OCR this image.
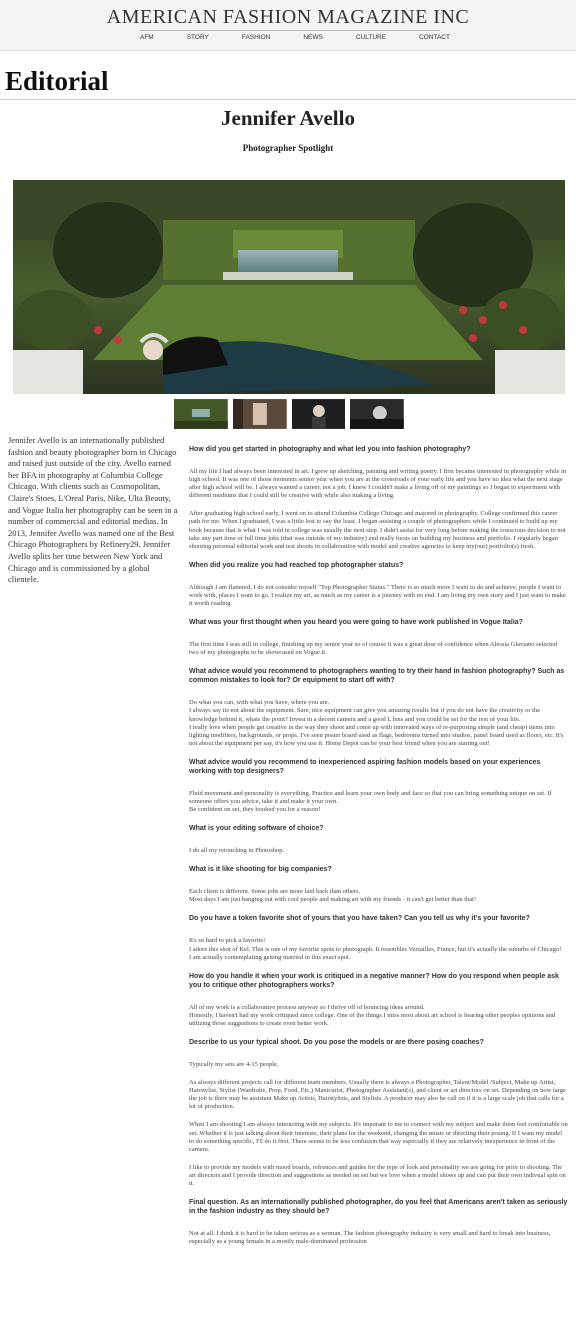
AMERICAN FASHION MAGAZINE INC
AFM	STORY	FASHION	NEWS	CULTURE	CONTACT
Editorial
Jennifer Avello
Photographer Spotlight

Jennifer Avello is an internationally published fashion and beauty photographer born in Chicago and raised just outside of the city. Avello earned her BFA in photography at Columbia College Chicago. With clients such as Cosmopolitan, Claire's Stoes, L'Oreal Paris, Nike, Ulta Beauty, and Vogue Italia her photography can be seen in a number of commercial and editorial medias. In 2013, Jennifer Avello was named one of the Best Chicago Photographers by Refinery29. Jennifer Avello splits her time between New York and Chicago and is commissioned by a global clientele.

How did you get started in photography and what led you into fashion photography?

All my life I had always been interested in art. I grew up sketching, painting and writing poetry. I first became interested in photography while in high school. It was one of those moments senior year when you are at the crossroads of your early life and you have no idea what the next stage after high school will be. I always wanted a career, not a job. I knew I couldn't make a living off of my paintings so I began to experiment with different mediums that I could still be creative with while also making a living.

After graduating high school early, I went on to attend Columbia College Chicago and majored in photography. College confirmed this career path for me. When I graduated, I was a little lost to say the least. I began assisting a couple of photographers while I continued to build up my book because that is what I was told in college was usually the next step. I didn't assist for very long before making the conscious decision to not take any part time or full time jobs (that was outside of my industry) and really focus on building my business and portfolio. I regularly began shooting personal editorial work and test shoots in collaboration with model and creative agencies to keep my(our) portfolio(s) fresh.

When did you realize you had reached top photographer status?

Although I am flattered, I do not consider myself "Top Photographer Status." There is so much more I want to do and achieve, people I want to work with, places I want to go. I realize my art, as much as my career is a journey with no end. I am living my own story and I just want to make it worth reading.

What was your first thought when you heard you were going to have work published in Vogue Italia?

The first time I was still in college, finishing up my senior year so of course it was a great dose of confidence when Alessia Glaviano selected two of my photographs to be showcased on Vogue.it.

What advice would you recommend to photographers wanting to try their hand in fashion photography? Such as common mistakes to look for? Or equipment to start off with?

Do what you can, with what you have, where you are.
I always say its not about the equipment. Sure, nice equipment can give you amazing results but if you do not have the creativity or the knowledge behind it, whats the point? Invest in a decent camera and a good L lens and you could be set for the rest of your life.
I really love when people get creative in the way they shoot and come up with innovated ways of re-purposing simple (and cheap) items into lighting modifiers, backgrounds, or props. I've seen poster board used as flags, bedrooms turned into studios, panel board used as floors, etc. It's not about the equipment per say, it's how you use it. Home Depot can be your best friend when you are starting out!

What advice would you recommend to inexperienced aspiring fashion models based on your experiences working with top designers?

Fluid movement and personality is everything. Practice and learn your own body and face so that you can bring something unique on set. If someone offers you advice, take it and make it your own.
Be confident on set, they booked you for a reason!

What is your editing software of choice?

I do all my retouching in Photoshop.

What is it like shooting for big companies?

Each client is different. Some jobs are more laid back than others.
Most days I am just hanging out with cool people and making art with my friends - it can't get better than that!

Do you have a token favorite shot of yours that you have taken? Can you tell us why it's your favorite?

It's so hard to pick a favorite!
I adore this shot of Kel. This is one of my favorite spots to photograph. It resembles Versailles, France, but it's actually the suburbs of Chicago!
I am actually contemplating getting married in this exact spot.

How do you handle it when your work is critiqued in a negative manner? How do you respond when people ask you to critique other photographers works?

All of my work is a collaborative process anyway so I thrive off of bouncing ideas around.
Honestly, I haven't had my work critiqued since college. One of the things I miss most about art school is hearing other peoples opinions and utilizing those suggestions to create even better work.

Describe to us your typical shoot. Do you pose the models or are there posing coaches?

Typically my sets are 4-15 people.

As always different projects call for different team members. Usually there is always a Photographer, Talent/Model /Subject, Make up Artist, Hairstylist, Stylist (Wardrobe, Prop, Food, Etc,) Manicurist, Photographer Assistant(s), and client or art directors on set. Depending on how large the job is there may be assistant Make up Artists, Hairstylists, and Stylists. A producer may also be call on if it is a large scale job that calls for a lot of production.

When I am shooting I am always interacting with my subjects. It's imporant to me to connect with my subject and make them feel comfortable on set. Whether it is just talking about their interests, their plans for the weekend, changing the music or directing their posing. If I want my model to do something specific, I'll do it first. There seems to be less confusion that way especially if they are relatively inexperience in front of the camera.

I like to provide my models with mood boards, refrences and guides for the type of look and personality we are going for prior to shooting. The art directors and I provide direction and suggestions as needed on set but we love when a model shows up and can put their own indivual spin on it.

Final question. As an internationally published photographer, do you feel that Americans aren't taken as seriously in the fashion industry as they should be?

Not at all. I think it is hard to be taken serious as a woman. The fashion photography industry is very small and hard to break into business, especially as a young female in a mostly male-dominated profession
